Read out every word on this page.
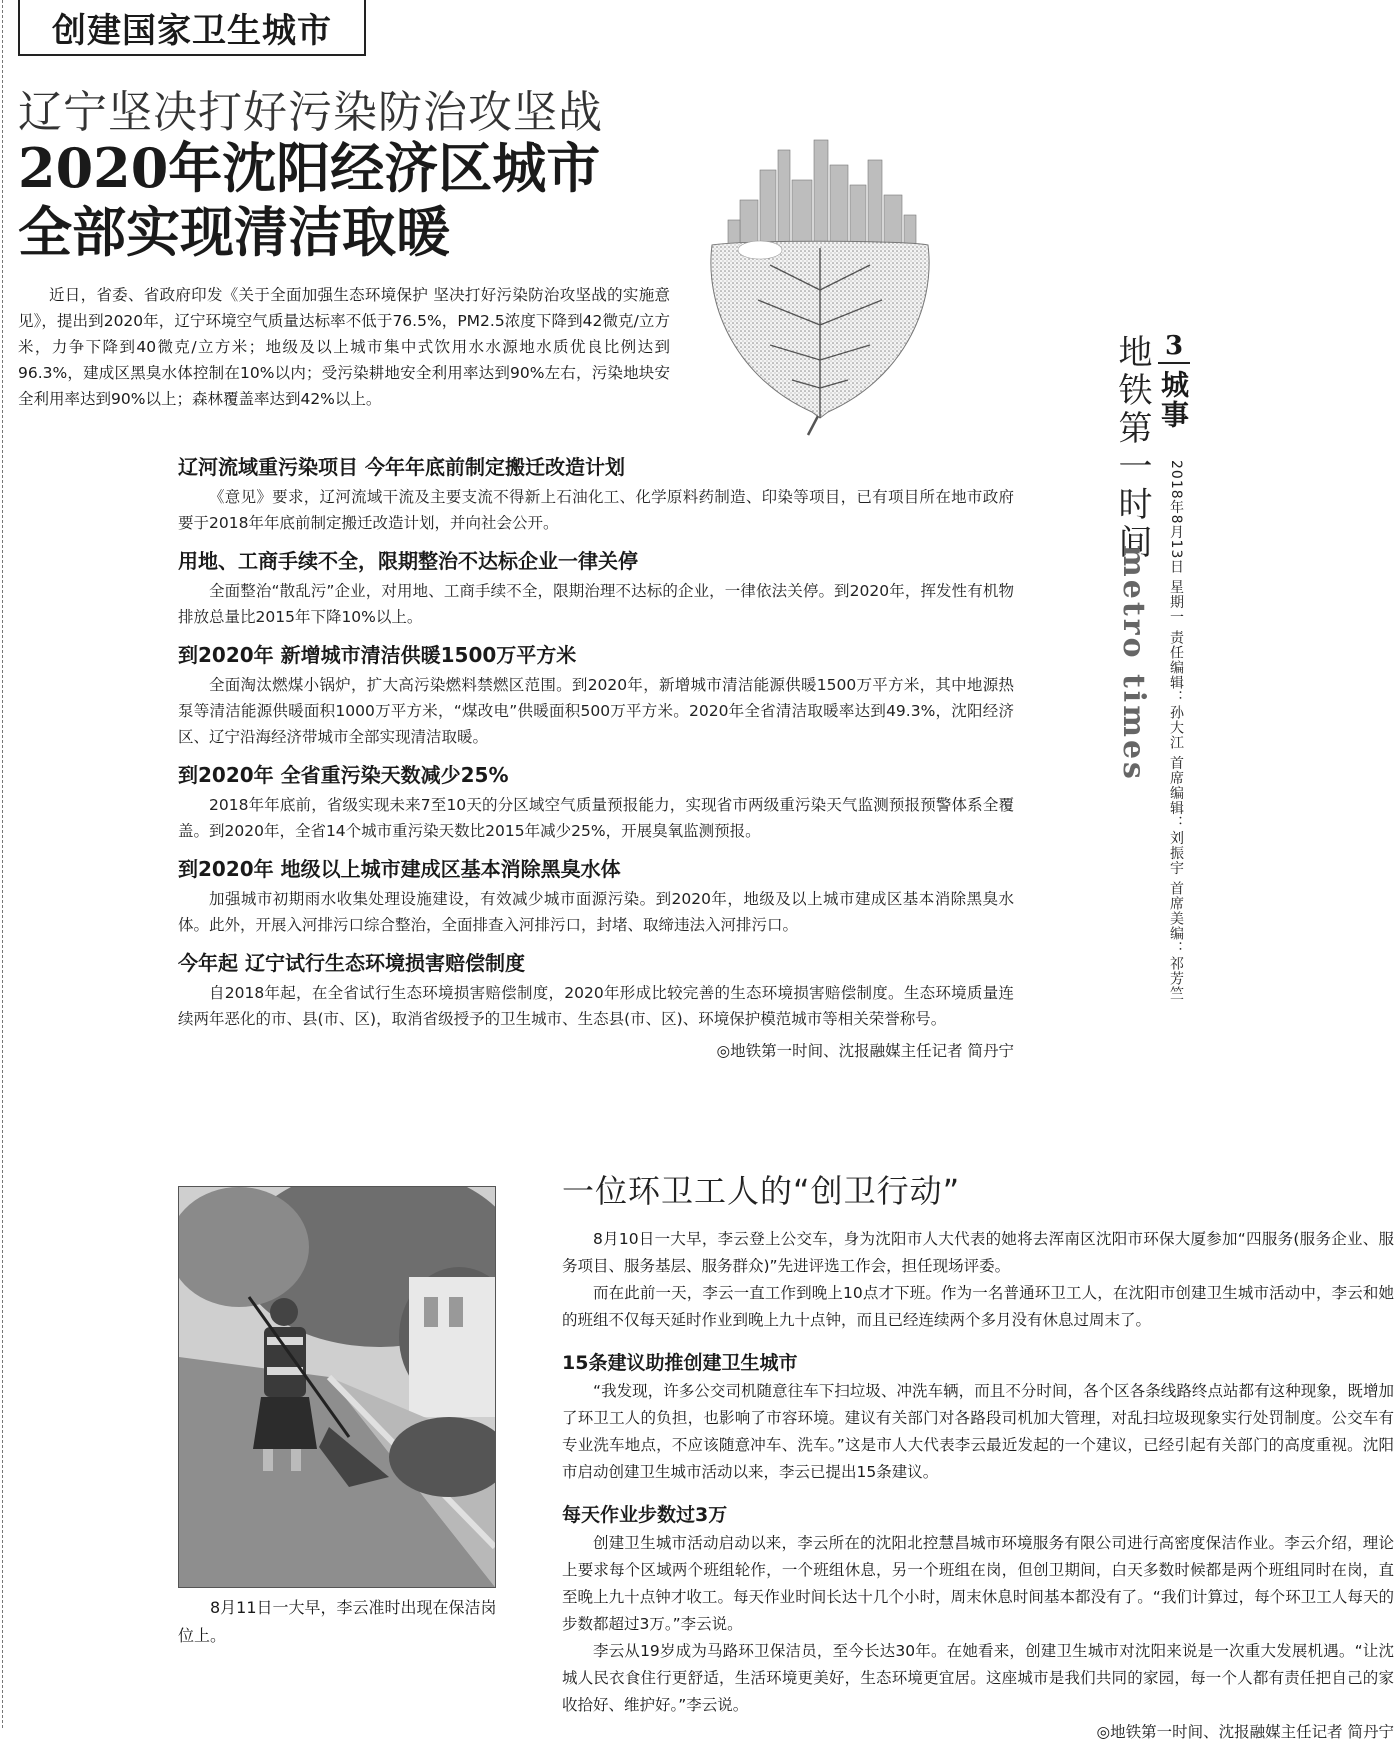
创建国家卫生城市
辽宁坚决打好污染防治攻坚战
2020年沈阳经济区城市
全部实现清洁取暖
近日，省委、省政府印发《关于全面加强生态环境保护 坚决打好污染防治攻坚战的实施意见》，提出到2020年，辽宁环境空气质量达标率不低于76.5%，PM2.5浓度下降到42微克/立方米，力争下降到40微克/立方米；地级及以上城市集中式饮用水水源地水质优良比例达到96.3%，建成区黑臭水体控制在10%以内；受污染耕地安全利用率达到90%左右，污染地块安全利用率达到90%以上；森林覆盖率达到42%以上。	地铁第一时间
metro times
3
城事
2018年8月13日 星期一 责任编辑：孙大江 首席编辑：刘振宇 首席美编：祁芳竺
辽河流域重污染项目 今年年底前制定搬迁改造计划
《意见》要求，辽河流域干流及主要支流不得新上石油化工、化学原料药制造、印染等项目，已有项目所在地市政府要于2018年年底前制定搬迁改造计划，并向社会公开。
用地、工商手续不全，限期整治不达标企业一律关停
全面整治“散乱污”企业，对用地、工商手续不全，限期治理不达标的企业，一律依法关停。到2020年，挥发性有机物排放总量比2015年下降10%以上。
到2020年 新增城市清洁供暖1500万平方米
全面淘汰燃煤小锅炉，扩大高污染燃料禁燃区范围。到2020年，新增城市清洁能源供暖1500万平方米，其中地源热泵等清洁能源供暖面积1000万平方米，“煤改电”供暖面积500万平方米。2020年全省清洁取暖率达到49.3%，沈阳经济区、辽宁沿海经济带城市全部实现清洁取暖。
到2020年 全省重污染天数减少25%
2018年年底前，省级实现未来7至10天的分区域空气质量预报能力，实现省市两级重污染天气监测预报预警体系全覆盖。到2020年，全省14个城市重污染天数比2015年减少25%，开展臭氧监测预报。
到2020年 地级以上城市建成区基本消除黑臭水体
加强城市初期雨水收集处理设施建设，有效减少城市面源污染。到2020年，地级及以上城市建成区基本消除黑臭水体。此外，开展入河排污口综合整治，全面排查入河排污口，封堵、取缔违法入河排污口。
今年起 辽宁试行生态环境损害赔偿制度
自2018年起，在全省试行生态环境损害赔偿制度，2020年形成比较完善的生态环境损害赔偿制度。生态环境质量连续两年恶化的市、县(市、区)，取消省级授予的卫生城市、生态县(市、区)、环境保护模范城市等相关荣誉称号。
◎地铁第一时间、沈报融媒主任记者 简丹宁
8月11日一大早，李云准时出现在保洁岗位上。
一位环卫工人的“创卫行动”

8月10日一大早，李云登上公交车，身为沈阳市人大代表的她将去浑南区沈阳市环保大厦参加“四服务(服务企业、服务项目、服务基层、服务群众)”先进评选工作会，担任现场评委。

而在此前一天，李云一直工作到晚上10点才下班。作为一名普通环卫工人，在沈阳市创建卫生城市活动中，李云和她的班组不仅每天延时作业到晚上九十点钟，而且已经连续两个多月没有休息过周末了。

15条建议助推创建卫生城市

“我发现，许多公交司机随意往车下扫垃圾、冲洗车辆，而且不分时间，各个区各条线路终点站都有这种现象，既增加了环卫工人的负担，也影响了市容环境。建议有关部门对各路段司机加大管理，对乱扫垃圾现象实行处罚制度。公交车有专业洗车地点，不应该随意冲车、洗车。”这是市人大代表李云最近发起的一个建议，已经引起有关部门的高度重视。沈阳市启动创建卫生城市活动以来，李云已提出15条建议。

每天作业步数过3万

创建卫生城市活动启动以来，李云所在的沈阳北控慧昌城市环境服务有限公司进行高密度保洁作业。李云介绍，理论上要求每个区域两个班组轮作，一个班组休息，另一个班组在岗，但创卫期间，白天多数时候都是两个班组同时在岗，直至晚上九十点钟才收工。每天作业时间长达十几个小时，周末休息时间基本都没有了。“我们计算过，每个环卫工人每天的步数都超过3万。”李云说。

李云从19岁成为马路环卫保洁员，至今长达30年。在她看来，创建卫生城市对沈阳来说是一次重大发展机遇。“让沈城人民衣食住行更舒适，生活环境更美好，生态环境更宜居。这座城市是我们共同的家园，每一个人都有责任把自己的家收拾好、维护好。”李云说。

◎地铁第一时间、沈报融媒主任记者 简丹宁
